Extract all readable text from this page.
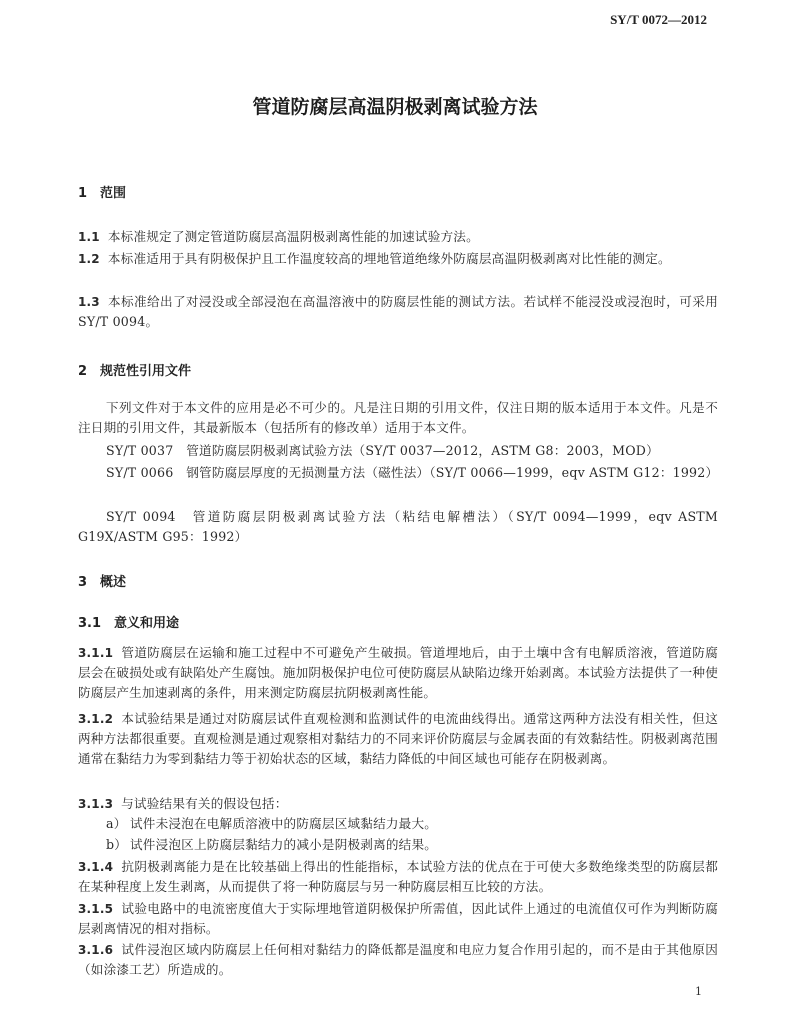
SY/T 0072—2012
管道防腐层高温阴极剥离试验方法
1 范围
1.1 本标准规定了测定管道防腐层高温阴极剥离性能的加速试验方法。
1.2 本标准适用于具有阴极保护且工作温度较高的埋地管道绝缘外防腐层高温阴极剥离对比性能的测定。
1.3 本标准给出了对浸没或全部浸泡在高温溶液中的防腐层性能的测试方法。若试样不能浸没或浸泡时，可采用 SY/T 0094。
2 规范性引用文件
下列文件对于本文件的应用是必不可少的。凡是注日期的引用文件，仅注日期的版本适用于本文件。凡是不注日期的引用文件，其最新版本（包括所有的修改单）适用于本文件。
SY/T 0037　管道防腐层阴极剥离试验方法（SY/T 0037—2012，ASTM G8：2003，MOD）
SY/T 0066　钢管防腐层厚度的无损测量方法（磁性法）（SY/T 0066—1999，eqv ASTM G12：1992）
SY/T 0094　管道防腐层阴极剥离试验方法（粘结电解槽法）（SY/T 0094—1999，eqv ASTM G19X/ASTM G95：1992）
3 概述
3.1 意义和用途
3.1.1 管道防腐层在运输和施工过程中不可避免产生破损。管道埋地后，由于土壤中含有电解质溶液，管道防腐层会在破损处或有缺陷处产生腐蚀。施加阴极保护电位可使防腐层从缺陷边缘开始剥离。本试验方法提供了一种使防腐层产生加速剥离的条件，用来测定防腐层抗阴极剥离性能。
3.1.2 本试验结果是通过对防腐层试件直观检测和监测试件的电流曲线得出。通常这两种方法没有相关性，但这两种方法都很重要。直观检测是通过观察相对黏结力的不同来评价防腐层与金属表面的有效黏结性。阴极剥离范围通常在黏结力为零到黏结力等于初始状态的区域，黏结力降低的中间区域也可能存在阴极剥离。
3.1.3 与试验结果有关的假设包括：
a） 试件未浸泡在电解质溶液中的防腐层区域黏结力最大。
b） 试件浸泡区上防腐层黏结力的减小是阴极剥离的结果。
3.1.4 抗阴极剥离能力是在比较基础上得出的性能指标，本试验方法的优点在于可使大多数绝缘类型的防腐层都在某种程度上发生剥离，从而提供了将一种防腐层与另一种防腐层相互比较的方法。
3.1.5 试验电路中的电流密度值大于实际埋地管道阴极保护所需值，因此试件上通过的电流值仅可作为判断防腐层剥离情况的相对指标。
3.1.6 试件浸泡区域内防腐层上任何相对黏结力的降低都是温度和电应力复合作用引起的，而不是由于其他原因（如涂漆工艺）所造成的。
1
